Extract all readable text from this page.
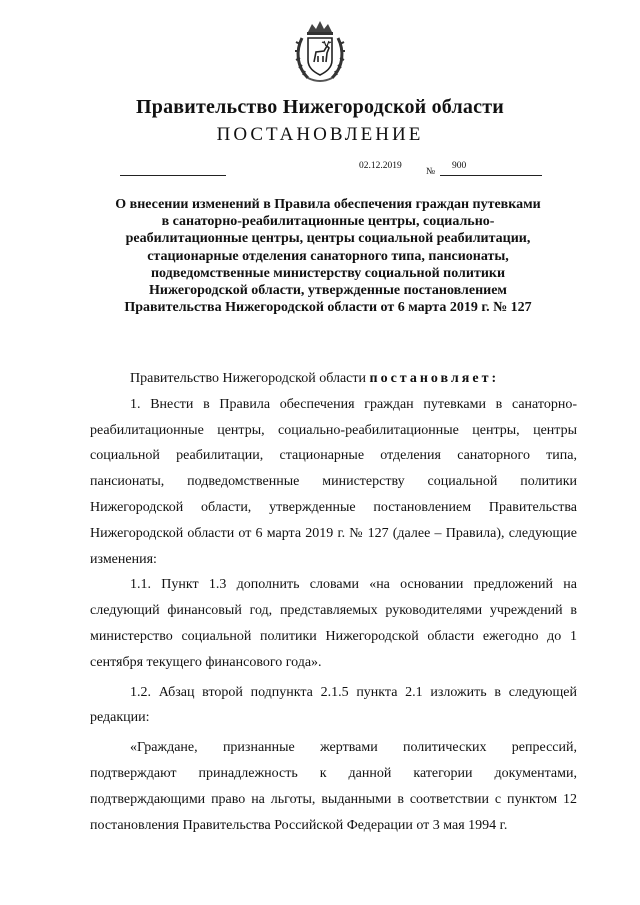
Правительство Нижегородской области
ПОСТАНОВЛЕНИЕ
02.12.2019
№
900
О внесении изменений в Правила обеспечения граждан путевками в санаторно-реабилитационные центры, социально-реабилитационные центры, центры социальной реабилитации, стационарные отделения санаторного типа, пансионаты, подведомственные министерству социальной политики Нижегородской области, утвержденные постановлением Правительства Нижегородской области от 6 марта 2019 г. № 127

Правительство Нижегородской области постановляет:

1. Внести в Правила обеспечения граждан путевками в санаторно-реабилитационные центры, социально-реабилитационные центры, центры социальной реабилитации, стационарные отделения санаторного типа, пансионаты, подведомственные министерству социальной политики Нижегородской области, утвержденные постановлением Правительства Нижегородской области от 6 марта 2019 г. № 127 (далее – Правила), следующие изменения:

1.1. Пункт 1.3 дополнить словами «на основании предложений на следующий финансовый год, представляемых руководителями учреждений в министерство социальной политики Нижегородской области ежегодно до 1 сентября текущего финансового года».

1.2. Абзац второй подпункта 2.1.5 пункта 2.1 изложить в следующей редакции:

«Граждане, признанные жертвами политических репрессий, подтверждают принадлежность к данной категории документами, подтверждающими право на льготы, выданными в соответствии с пунктом 12 постановления Правительства Российской Федерации от 3 мая 1994 г.
